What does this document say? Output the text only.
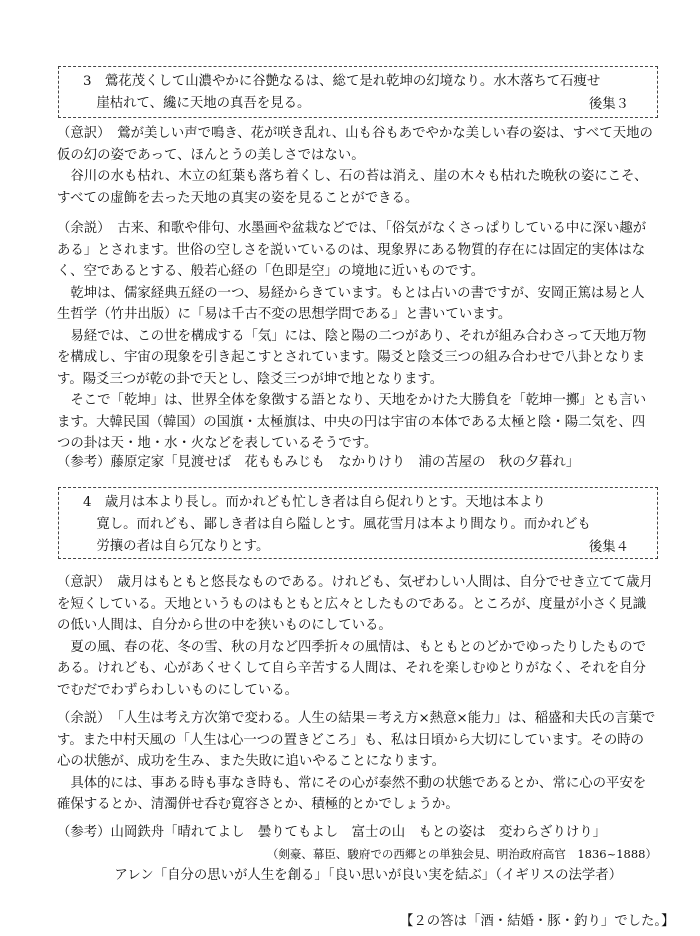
3　鶯花茂くして山濃やかに谷艶なるは、総て是れ乾坤の幻境なり。水木落ちて石痩せ

　崖枯れて、纔に天地の真吾を見る。	後集３

（意訳）　鶯が美しい声で鳴き、花が咲き乱れ、山も谷もあでやかな美しい春の姿は、すべて天地の仮の幻の姿であって、ほんとうの美しさではない。

谷川の水も枯れ、木立の紅葉も落ち着くし、石の苔は消え、崖の木々も枯れた晩秋の姿にこそ、すべての虚飾を去った天地の真実の姿を見ることができる。

（余説）　古来、和歌や俳句、水墨画や盆栽などでは、「俗気がなくさっぱりしている中に深い趣がある」とされます。世俗の空しさを説いているのは、現象界にある物質的存在には固定的実体はなく、空であるとする、般若心経の「色即是空」の境地に近いものです。

乾坤は、儒家経典五経の一つ、易経からきています。もとは占いの書ですが、安岡正篤は易と人生哲学（竹井出版）に「易は千古不変の思想学問である」と書いています。

易経では、この世を構成する「気」には、陰と陽の二つがあり、それが組み合わさって天地万物を構成し、宇宙の現象を引き起こすとされています。陽爻と陰爻三つの組み合わせで八卦となります。陽爻三つが乾の卦で天とし、陰爻三つが坤で地となります。

そこで「乾坤」は、世界全体を象徴する語となり、天地をかけた大勝負を「乾坤一擲」とも言います。大韓民国（韓国）の国旗・太極旗は、中央の円は宇宙の本体である太極と陰・陽二気を、四つの卦は天・地・水・火などを表しているそうです。

（参考）藤原定家「見渡せば　花ももみじも　なかりけり　浦の苫屋の　秋の夕暮れ」

4　歳月は本より長し。而かれども忙しき者は自ら促れりとす。天地は本より

　寛し。而れども、鄙しき者は自ら隘しとす。風花雪月は本より間なり。而かれども

　労攘の者は自ら冗なりとす。	後集４

（意訳）　歳月はもともと悠長なものである。けれども、気ぜわしい人間は、自分でせき立てて歳月を短くしている。天地というものはもともと広々としたものである。ところが、度量が小さく見識の低い人間は、自分から世の中を狭いものにしている。

夏の風、春の花、冬の雪、秋の月など四季折々の風情は、もともとのどかでゆったりしたものである。けれども、心があくせくして自ら辛苦する人間は、それを楽しむゆとりがなく、それを自分でむだでわずらわしいものにしている。

（余説）　「人生は考え方次第で変わる。人生の結果＝考え方×熱意×能力」は、稲盛和夫氏の言葉です。また中村天風の「人生は心一つの置きどころ」も、私は日頃から大切にしています。その時の心の状態が、成功を生み、また失敗に追いやることになります。

具体的には、事ある時も事なき時も、常にその心が泰然不動の状態であるとか、常に心の平安を確保するとか、清濁併せ呑む寛容さとか、積極的とかでしょうか。

（参考）山岡鉄舟「晴れてよし　曇りてもよし　富士の山　もとの姿は　変わらざりけり」

（剣豪、幕臣、駿府での西郷との単独会見、明治政府高官　1836~1888）

アレン「自分の思いが人生を創る」「良い思いが良い実を結ぶ」（イギリスの法学者）

【２の答は「酒・結婚・豚・釣り」でした。】
